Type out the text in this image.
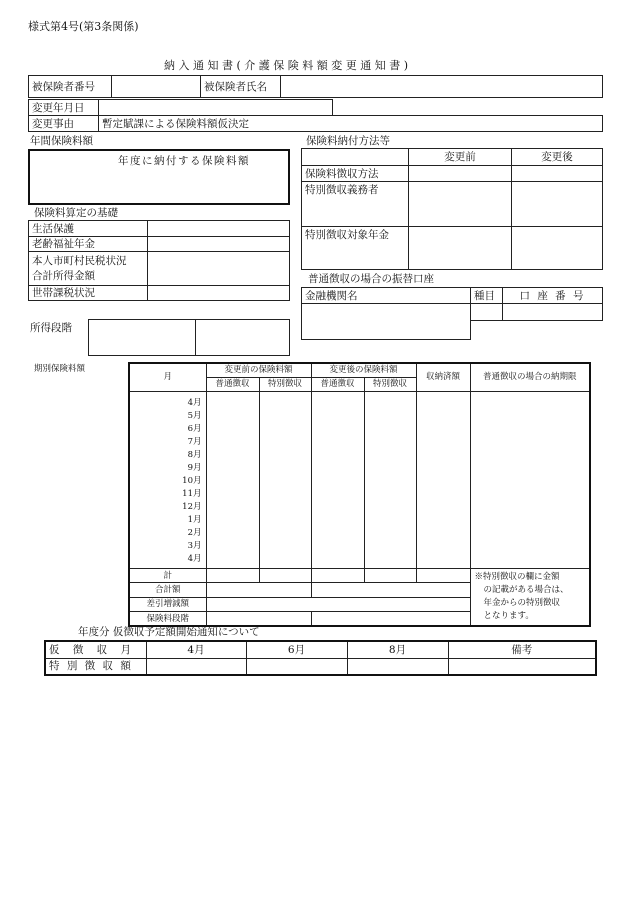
様式第4号(第3条関係)
納 入 通 知 書 ( 介 護 保 険 料 額 変 更 通 知 書 )
被保険者番号		被保険者氏名	
変更年月日	
変更事由	暫定賦課による保険料額仮決定
年間保険料額
年度に納付する保険料額
保険料算定の基礎
生活保護	
老齢福祉年金	
本人市町村民税状況
合計所得金額	
世帯課税状況	
所得段階

保険料納付方法等
	変更前	変更後
保険料徴収方法		
特別徴収義務者		
特別徴収対象年金		
普通徴収の場合の振替口座
金融機関名	種目	口 座 番 号

期別保険料額
月	変更前の保険料額		変更後の保険料額		収納済額	普通徴収の場合の納期限
	普通徴収	特別徴収	普通徴収	特別徴収		

4月						
5月						
6月						
7月						
8月						
9月						
10月						
11月						
12月						
1月						
2月						
3月						
4月						
計						※特別徴収の欄に金額
の記載がある場合は、
年金からの特別徴収
となります。
合計額						
差引増減額						
保険料段階						
年度分 仮徴収予定額開始通知について
仮 徴 収 月	4月	6月	8月	備考
特 別 徴 収 額				
